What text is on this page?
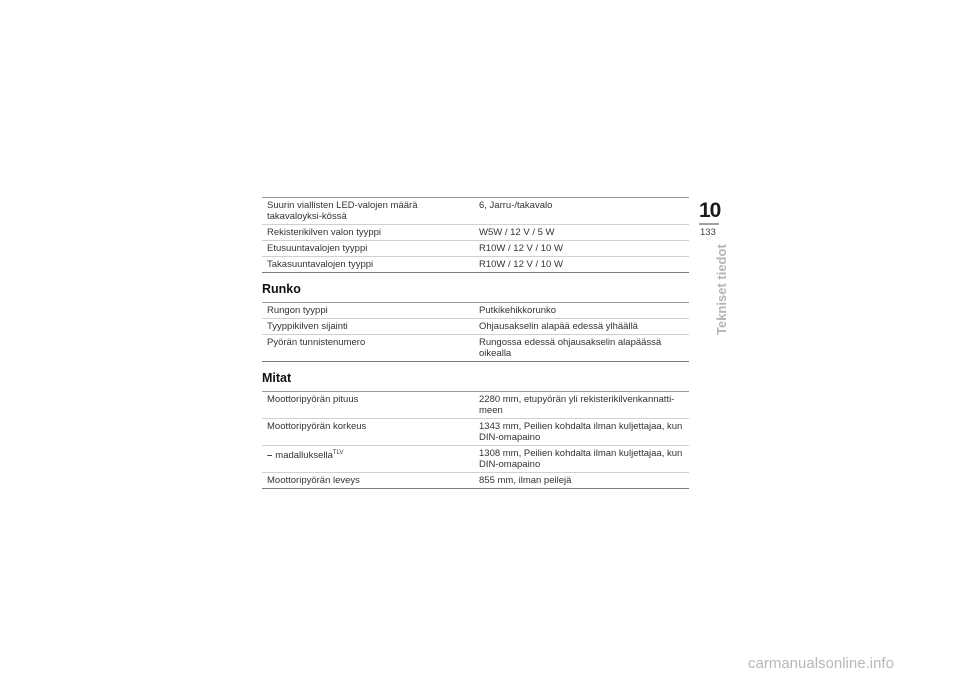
Suurin viallisten LED-valojen määrä takavaloyksi-kössä	6, Jarru-/takavalo
Rekisterikilven valon tyyppi	W5W / 12 V / 5 W
Etusuuntavalojen tyyppi	R10W / 12 V / 10 W
Takasuuntavalojen tyyppi	R10W / 12 V / 10 W
Runko
Rungon tyyppi	Putkikehikkorunko
Tyyppikilven sijainti	Ohjausakselin alapää edessä ylhäällä
Pyörän tunnistenumero	Rungossa edessä ohjausakselin alapäässä oikealla
Mitat
Moottoripyörän pituus	2280 mm, etupyörän yli rekisterikilvenkannatti-meen
Moottoripyörän korkeus	1343 mm, Peilien kohdalta ilman kuljettajaa, kun DIN-omapaino
– madalluksella$^{TLV}$	1308 mm, Peilien kohdalta ilman kuljettajaa, kun DIN-omapaino
Moottoripyörän leveys	855 mm, ilman peilejä
10
133
Tekniset tiedot
carmanualsonline.info
